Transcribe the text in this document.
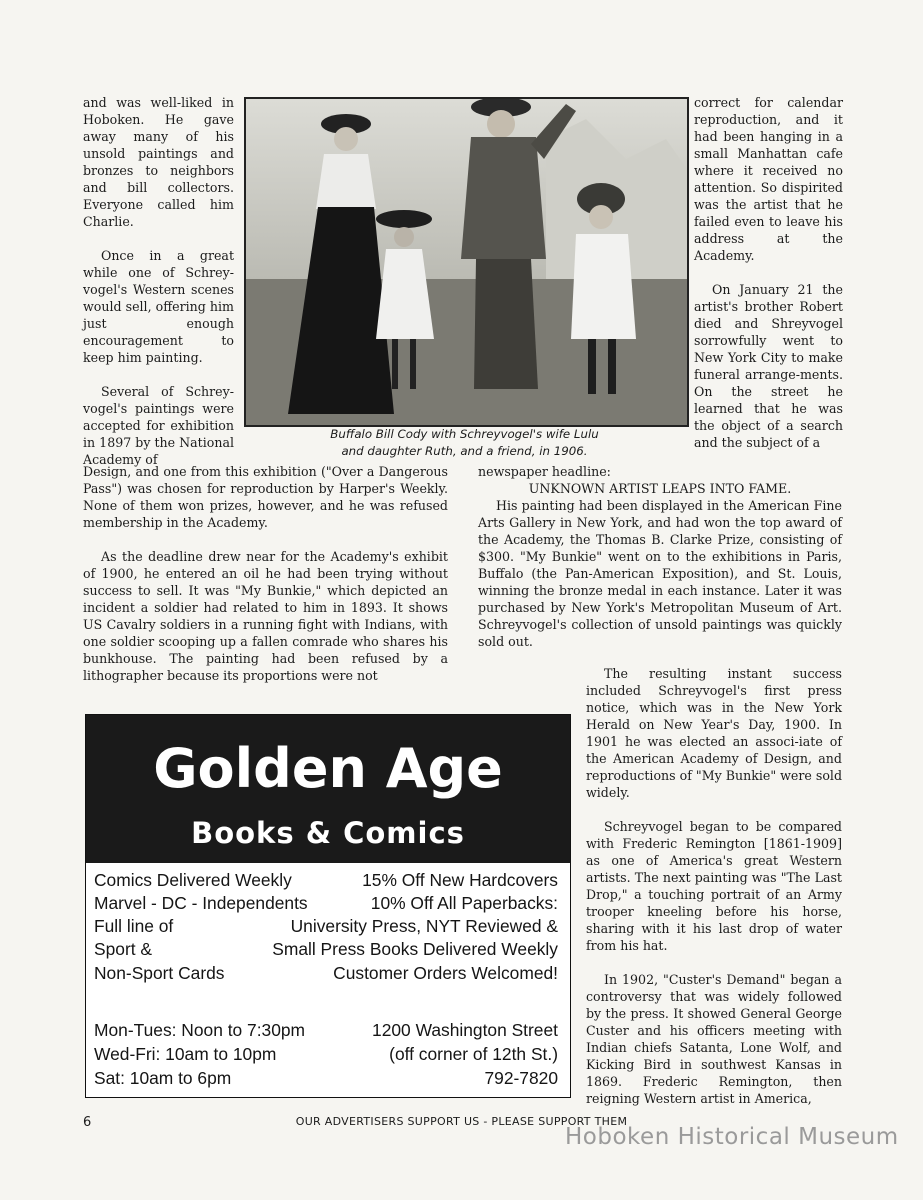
and was well-liked in Hoboken. He gave away many of his unsold paintings and bronzes to neighbors and bill collectors. Everyone called him Charlie.

Once in a great while one of Schrey-vogel's Western scenes would sell, offering him just enough encouragement to keep him painting.

Several of Schrey-vogel's paintings were accepted for exhibition in 1897 by the National Academy of

Buffalo Bill Cody with Schreyvogel's wife Lulu
and daughter Ruth, and a friend, in 1906.

correct for calendar reproduction, and it had been hanging in a small Manhattan cafe where it received no attention. So dispirited was the artist that he failed even to leave his address at the Academy.

On January 21 the artist's brother Robert died and Shreyvogel sorrowfully went to New York City to make funeral arrange-ments. On the street he learned that he was the object of a search and the subject of a

Design, and one from this exhibition ("Over a Dangerous Pass") was chosen for reproduction by Harper's Weekly. None of them won prizes, however, and he was refused membership in the Academy.

As the deadline drew near for the Academy's exhibit of 1900, he entered an oil he had been trying without success to sell. It was "My Bunkie," which depicted an incident a soldier had related to him in 1893. It shows US Cavalry soldiers in a running fight with Indians, with one soldier scooping up a fallen comrade who shares his bunkhouse. The painting had been refused by a lithographer because its proportions were not

newspaper headline:

UNKNOWN ARTIST LEAPS INTO FAME.

His painting had been displayed in the American Fine Arts Gallery in New York, and had won the top award of the Academy, the Thomas B. Clarke Prize, consisting of $300. "My Bunkie" went on to the exhibitions in Paris, Buffalo (the Pan-American Exposition), and St. Louis, winning the bronze medal in each instance. Later it was purchased by New York's Metropolitan Museum of Art. Schreyvogel's collection of unsold paintings was quickly sold out.

The resulting instant success included Schreyvogel's first press notice, which was in the New York Herald on New Year's Day, 1900. In 1901 he was elected an associ-iate of the American Academy of Design, and reproductions of "My Bunkie" were sold widely.

Schreyvogel began to be compared with Frederic Remington [1861-1909] as one of America's great Western artists. The next painting was "The Last Drop," a touching portrait of an Army trooper kneeling before his horse, sharing with it his last drop of water from his hat.

In 1902, "Custer's Demand" began a controversy that was widely followed by the press. It showed General George Custer and his officers meeting with Indian chiefs Satanta, Lone Wolf, and Kicking Bird in southwest Kansas in 1869. Frederic Remington, then reigning Western artist in America,

Golden Age
Books & Comics
Comics Delivered Weekly
Marvel - DC - Independents
Full line of
Sport &
Non-Sport Cards
15% Off New Hardcovers
10% Off All Paperbacks:
University Press, NYT Reviewed &
Small Press Books Delivered Weekly
Customer Orders Welcomed!
Mon-Tues: Noon to 7:30pm
Wed-Fri: 10am to 10pm
Sat: 10am to 6pm
1200 Washington Street
(off corner of 12th St.)
792-7820
6	OUR ADVERTISERS SUPPORT US - PLEASE SUPPORT THEM
Hoboken Historical Museum
